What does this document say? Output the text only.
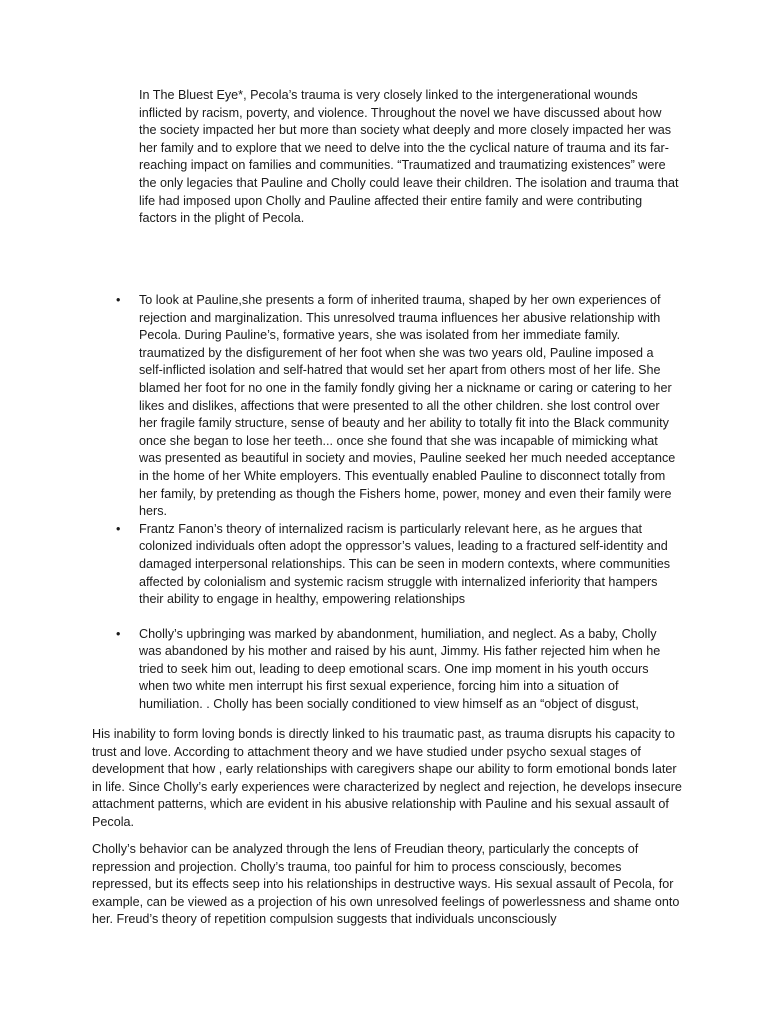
In The Bluest Eye*, Pecola’s trauma is very closely linked to the intergenerational wounds inflicted by racism, poverty, and violence. Throughout the novel we have discussed about how the society impacted her but more than society what deeply and more closely impacted her was her family and to explore that we need to delve into the the cyclical nature of trauma and its far-reaching impact on families and communities. “Traumatized and traumatizing existences” were the only legacies that Pauline and Cholly could leave their children. The isolation and trauma that life had imposed upon Cholly and Pauline affected their entire family and were contributing factors in the plight of Pecola.

• To look at Pauline,she presents a form of inherited trauma, shaped by her own experiences of rejection and marginalization. This unresolved trauma influences her abusive relationship with Pecola. During Pauline’s, formative years, she was isolated from her immediate family. traumatized by the disfigurement of her foot when she was two years old, Pauline imposed a self-inflicted isolation and self-hatred that would set her apart from others most of her life. She blamed her foot for no one in the family fondly giving her a nickname or caring or catering to her likes and dislikes, affections that were presented to all the other children. she lost control over her fragile family structure, sense of beauty and her ability to totally fit into the Black community once she began to lose her teeth... once she found that she was incapable of mimicking what was presented as beautiful in society and movies, Pauline seeked her much needed acceptance in the home of her White employers. This eventually enabled Pauline to disconnect totally from her family, by pretending as though the Fishers home, power, money and even their family were hers.
• Frantz Fanon’s theory of internalized racism is particularly relevant here, as he argues that colonized individuals often adopt the oppressor’s values, leading to a fractured self-identity and damaged interpersonal relationships. This can be seen in modern contexts, where communities affected by colonialism and systemic racism struggle with internalized inferiority that hampers their ability to engage in healthy, empowering relationships
• Cholly’s upbringing was marked by abandonment, humiliation, and neglect. As a baby, Cholly was abandoned by his mother and raised by his aunt, Jimmy. His father rejected him when he tried to seek him out, leading to deep emotional scars. One imp moment in his youth occurs when two white men interrupt his first sexual experience, forcing him into a situation of humiliation. . Cholly has been socially conditioned to view himself as an “object of disgust,

His inability to form loving bonds is directly linked to his traumatic past, as trauma disrupts his capacity to trust and love. According to attachment theory and we have studied under psycho sexual stages of development that how , early relationships with caregivers shape our ability to form emotional bonds later in life. Since Cholly’s early experiences were characterized by neglect and rejection, he develops insecure attachment patterns, which are evident in his abusive relationship with Pauline and his sexual assault of Pecola.

Cholly’s behavior can be analyzed through the lens of Freudian theory, particularly the concepts of repression and projection. Cholly’s trauma, too painful for him to process consciously, becomes repressed, but its effects seep into his relationships in destructive ways. His sexual assault of Pecola, for example, can be viewed as a projection of his own unresolved feelings of powerlessness and shame onto her. Freud’s theory of repetition compulsion suggests that individuals unconsciously
